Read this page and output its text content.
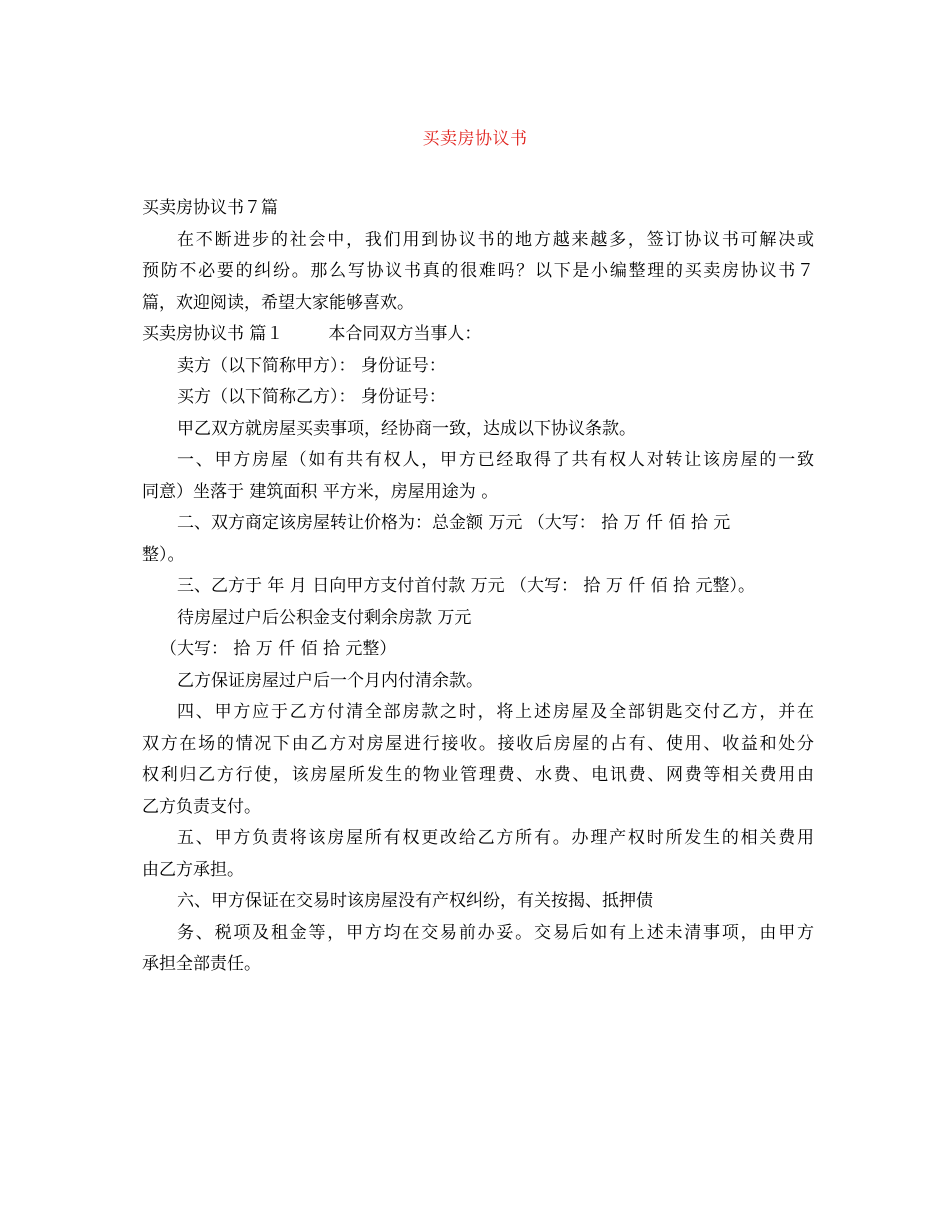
买卖房协议书
买卖房协议书７篇
在不断进步的社会中，我们用到协议书的地方越来越多，签订协议书可解决或
预防不必要的纠纷。那么写协议书真的很难吗？以下是小编整理的买卖房协议书７
篇，欢迎阅读，希望大家能够喜欢。
买卖房协议书 篇１	本合同双方当事人：
卖方（以下简称甲方）： 身份证号：
买方（以下简称乙方）： 身份证号：
甲乙双方就房屋买卖事项，经协商一致，达成以下协议条款。
一、甲方房屋（如有共有权人，甲方已经取得了共有权人对转让该房屋的一致
同意）坐落于 建筑面积 平方米，房屋用途为 。
二、双方商定该房屋转让价格为：总金额 万元 （大写： 拾 万 仟 佰 拾 元
整）。
三、乙方于 年 月 日向甲方支付首付款 万元 （大写： 拾 万 仟 佰 拾 元整）。
待房屋过户后公积金支付剩余房款 万元
（大写： 拾 万 仟 佰 拾 元整）
乙方保证房屋过户后一个月内付清余款。
四、甲方应于乙方付清全部房款之时，将上述房屋及全部钥匙交付乙方，并在
双方在场的情况下由乙方对房屋进行接收。接收后房屋的占有、使用、收益和处分
权利归乙方行使，该房屋所发生的物业管理费、水费、电讯费、网费等相关费用由
乙方负责支付。
五、甲方负责将该房屋所有权更改给乙方所有。办理产权时所发生的相关费用
由乙方承担。
六、甲方保证在交易时该房屋没有产权纠纷，有关按揭、抵押债
务、税项及租金等，甲方均在交易前办妥。交易后如有上述未清事项，由甲方
承担全部责任。
